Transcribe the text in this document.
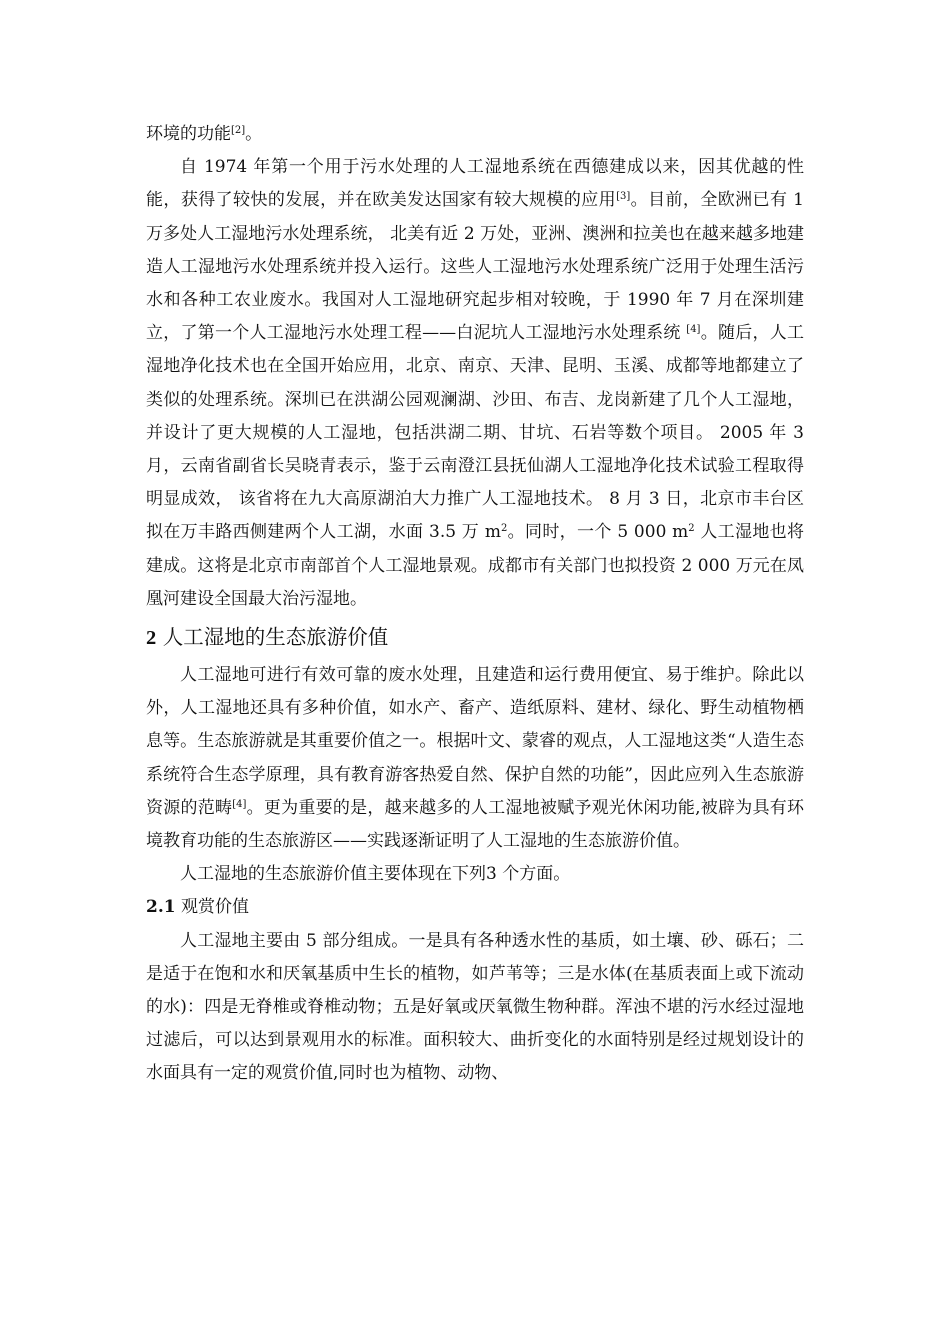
环境的功能[2]。

自 1974 年第一个用于污水处理的人工湿地系统在西德建成以来，因其优越的性能，获得了较快的发展，并在欧美发达国家有较大规模的应用[3]。目前，全欧洲已有 1 万多处人工湿地污水处理系统， 北美有近 2 万处，亚洲、澳洲和拉美也在越来越多地建造人工湿地污水处理系统并投入运行。这些人工湿地污水处理系统广泛用于处理生活污水和各种工农业废水。我国对人工湿地研究起步相对较晚，于 1990 年 7 月在深圳建立，了第一个人工湿地污水处理工程——白泥坑人工湿地污水处理系统 [4]。随后，人工湿地净化技术也在全国开始应用，北京、南京、天津、昆明、玉溪、成都等地都建立了类似的处理系统。深圳已在洪湖公园观澜湖、沙田、布吉、龙岗新建了几个人工湿地，并设计了更大规模的人工湿地，包括洪湖二期、甘坑、石岩等数个项目。 2005 年 3 月，云南省副省长吴晓青表示，鉴于云南澄江县抚仙湖人工湿地净化技术试验工程取得明显成效， 该省将在九大高原湖泊大力推广人工湿地技术。 8 月 3 日，北京市丰台区拟在万丰路西侧建两个人工湖，水面 3.5 万 $m^2$。同时，一个 5 000 $m^2$ 人工湿地也将建成。这将是北京市南部首个人工湿地景观。成都市有关部门也拟投资 2 000 万元在凤凰河建设全国最大治污湿地。

2 人工湿地的生态旅游价值

人工湿地可进行有效可靠的废水处理，且建造和运行费用便宜、易于维护。除此以外，人工湿地还具有多种价值，如水产、畜产、造纸原料、建材、绿化、野生动植物栖息等。生态旅游就是其重要价值之一。根据叶文、蒙睿的观点，人工湿地这类“人造生态系统符合生态学原理，具有教育游客热爱自然、保护自然的功能”，因此应列入生态旅游资源的范畴[4]。更为重要的是，越来越多的人工湿地被赋予观光休闲功能,被辟为具有环境教育功能的生态旅游区——实践逐渐证明了人工湿地的生态旅游价值。

人工湿地的生态旅游价值主要体现在下列3 个方面。

2.1 观赏价值

人工湿地主要由 5 部分组成。一是具有各种透水性的基质，如土壤、砂、砾石；二是适于在饱和水和厌氧基质中生长的植物，如芦苇等；三是水体(在基质表面上或下流动的水)：四是无脊椎或脊椎动物；五是好氧或厌氧微生物种群。浑浊不堪的污水经过湿地过滤后，可以达到景观用水的标准。面积较大、曲折变化的水面特别是经过规划设计的水面具有一定的观赏价值,同时也为植物、动物、
